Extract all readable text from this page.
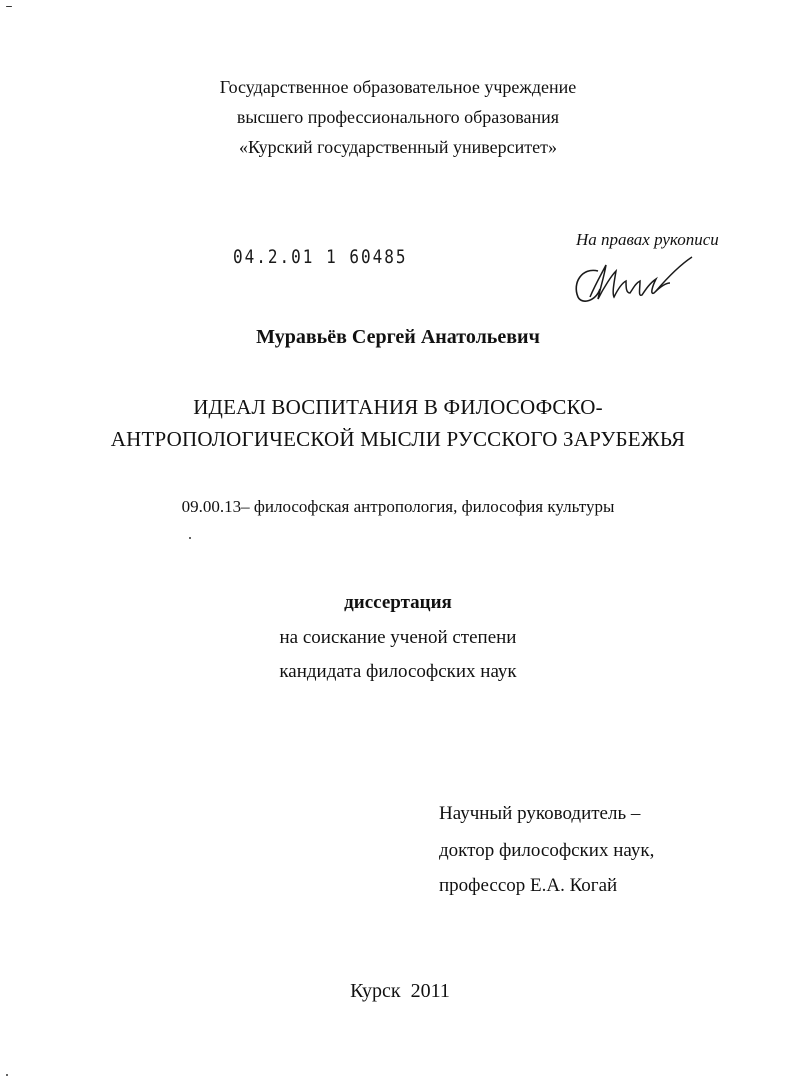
Государственное образовательное учреждение
высшего профессионального образования
«Курский государственный университет»
04.2.01 1 60485
На правах рукописи
Муравьёв Сергей Анатольевич
ИДЕАЛ ВОСПИТАНИЯ В ФИЛОСОФСКО-
АНТРОПОЛОГИЧЕСКОЙ МЫСЛИ РУССКОГО ЗАРУБЕЖЬЯ
09.00.13– философская антропология, философия культуры
диссертация
на соискание ученой степени
кандидата философских наук
Научный руководитель –
доктор философских наук,
профессор Е.А. Когай
Курск  2011
